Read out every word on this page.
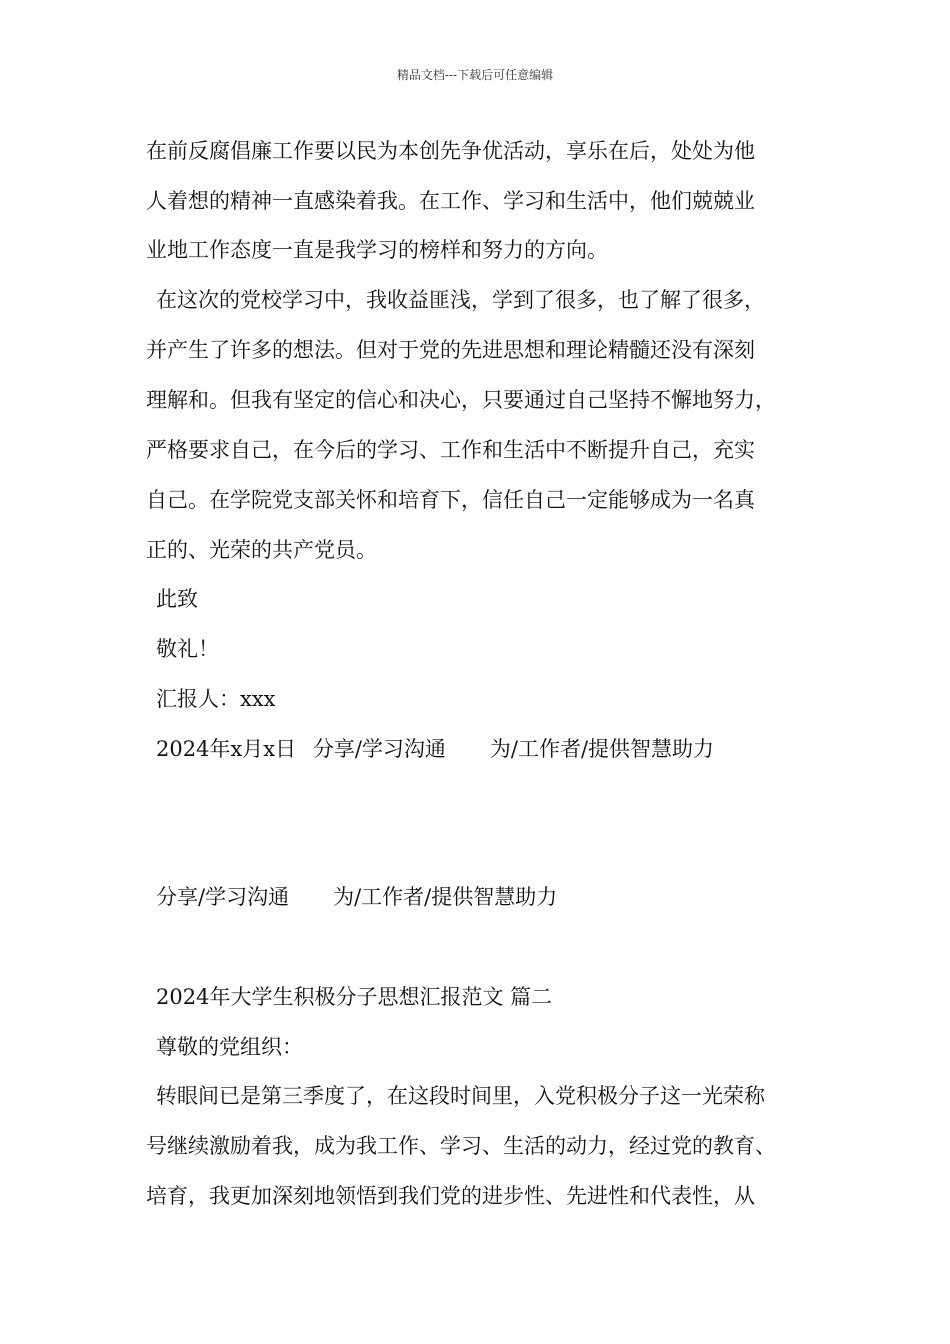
精品文档---下载后可任意编辑
在前反腐倡廉工作要以民为本创先争优活动，享乐在后，处处为他
人着想的精神一直感染着我。在工作、学习和生活中，他们兢兢业
业地工作态度一直是我学习的榜样和努力的方向。
在这次的党校学习中，我收益匪浅，学到了很多，也了解了很多，
并产生了许多的想法。但对于党的先进思想和理论精髓还没有深刻
理解和。但我有坚定的信心和决心，只要通过自己坚持不懈地努力，
严格要求自己，在今后的学习、工作和生活中不断提升自己，充实
自己。在学院党支部关怀和培育下，信任自己一定能够成为一名真
正的、光荣的共产党员。
此致
敬礼！
汇报人：xxx
2024年x月x日 分享/学习沟通 为/工作者/提供智慧助力
分享/学习沟通 为/工作者/提供智慧助力
2024年大学生积极分子思想汇报范文 篇二
尊敬的党组织：
转眼间已是第三季度了，在这段时间里，入党积极分子这一光荣称
号继续激励着我，成为我工作、学习、生活的动力，经过党的教育、
培育，我更加深刻地领悟到我们党的进步性、先进性和代表性，从
